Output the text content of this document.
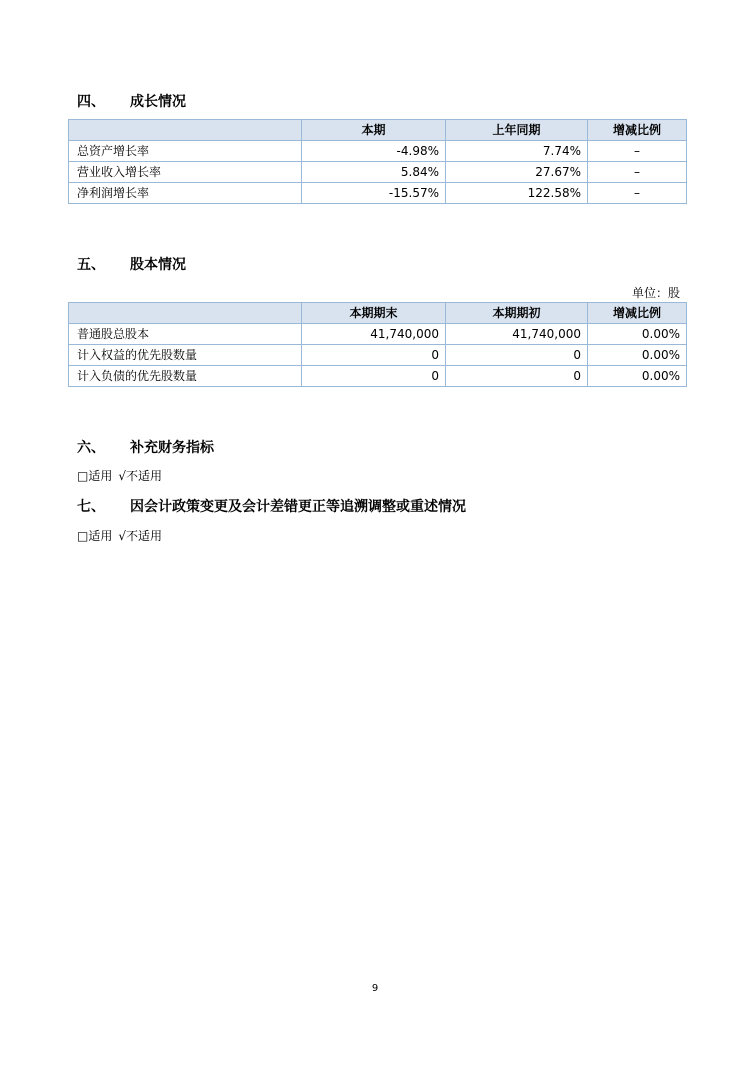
四、 成长情况
	本期	上年同期	增减比例
总资产增长率	-4.98%	7.74%	–
营业收入增长率	5.84%	27.67%	–
净利润增长率	-15.57%	122.58%	–
五、 股本情况
单位：股
	本期期末	本期期初	增减比例
普通股总股本	41,740,000	41,740,000	0.00%
计入权益的优先股数量	0	0	0.00%
计入负债的优先股数量	0	0	0.00%
六、 补充财务指标
□适用 √不适用
七、 因会计政策变更及会计差错更正等追溯调整或重述情况
□适用 √不适用
9
